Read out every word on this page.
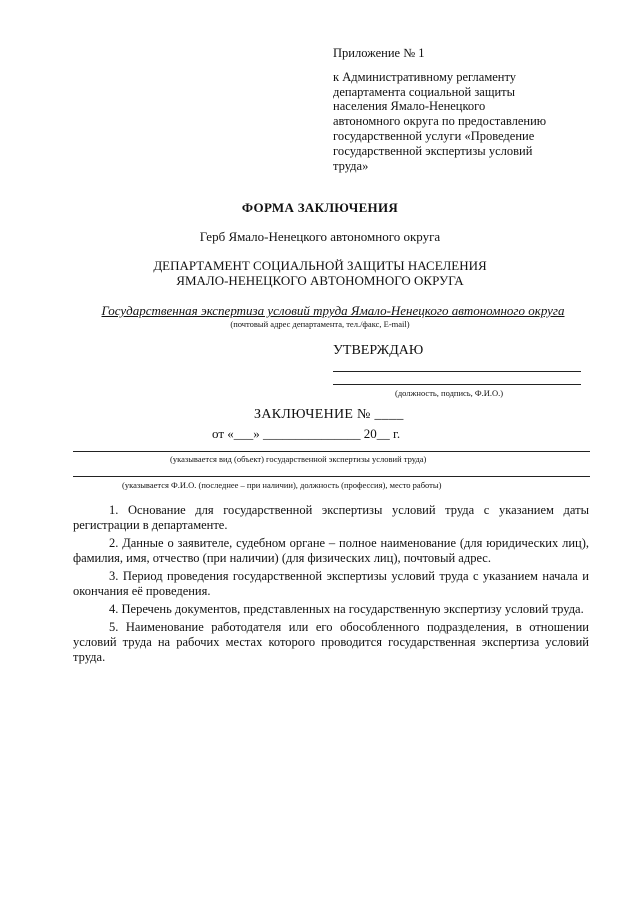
Приложение № 1
к Административному регламенту
департамента социальной защиты
населения Ямало-Ненецкого
автономного округа по предоставлению
государственной услуги «Проведение
государственной экспертизы условий
труда»
ФОРМА ЗАКЛЮЧЕНИЯ
Герб Ямало-Ненецкого автономного округа
ДЕПАРТАМЕНТ СОЦИАЛЬНОЙ ЗАЩИТЫ НАСЕЛЕНИЯ
ЯМАЛО-НЕНЕЦКОГО АВТОНОМНОГО ОКРУГА
Государственная экспертиза условий труда Ямало-Ненецкого автономного округа
(почтовый адрес департамента, тел./факс, E-mail)
УТВЕРЖДАЮ
(должность, подпись, Ф.И.О.)
ЗАКЛЮЧЕНИЕ № ____
от «___» _______________ 20__ г.
(указывается вид (объект) государственной экспертизы условий труда)
(указывается Ф.И.О. (последнее – при наличии), должность (профессия), место работы)

1. Основание для государственной экспертизы условий труда с указанием даты регистрации в департаменте.

2. Данные о заявителе, судебном органе – полное наименование (для юридических лиц), фамилия, имя, отчество (при наличии) (для физических лиц), почтовый адрес.

3. Период проведения государственной экспертизы условий труда с указанием начала и окончания её проведения.

4. Перечень документов, представленных на государственную экспертизу условий труда.

5. Наименование работодателя или его обособленного подразделения, в отношении условий труда на рабочих местах которого проводится государственная экспертиза условий труда.
